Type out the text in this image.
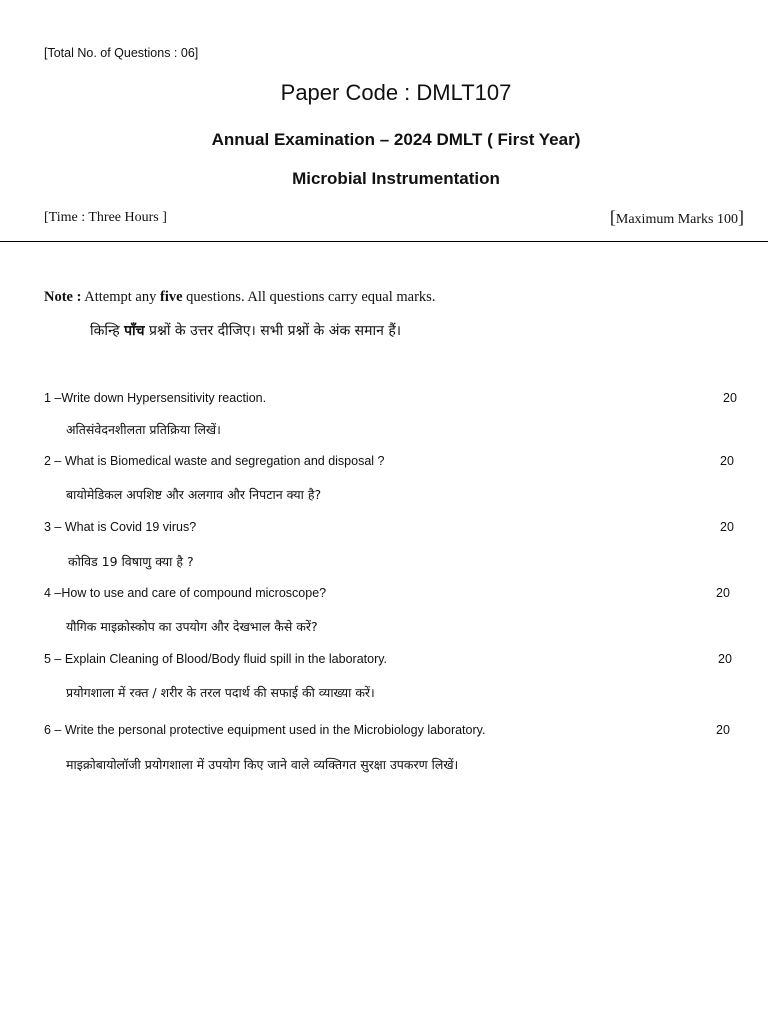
[Total No. of Questions : 06]
Paper Code : DMLT107
Annual Examination – 2024 DMLT ( First Year)
Microbial Instrumentation
[Time : Three Hours ]	[Maximum Marks 100]
Note : Attempt any five questions. All questions carry equal marks.
किन्हि पाँच प्रश्नों के उत्तर दीजिए। सभी प्रश्नों के अंक समान हैं।
1 –Write down Hypersensitivity reaction.	20
अतिसंवेदनशीलता प्रतिक्रिया लिखें।
2 – What is Biomedical waste and segregation and disposal ?	20
बायोमेडिकल अपशिष्ट और अलगाव और निपटान क्या है?
3 – What is Covid 19 virus?	20
कोविड 19 विषाणु क्या है ?
4 –How to use and care of compound microscope?	20
यौगिक माइक्रोस्कोप का उपयोग और देखभाल कैसे करें?
5 – Explain Cleaning of Blood/Body fluid spill in the laboratory.	20
प्रयोगशाला में रक्त / शरीर के तरल पदार्थ की सफाई की व्याख्या करें।
6 – Write the personal protective equipment used in the Microbiology laboratory.	20
माइक्रोबायोलॉजी प्रयोगशाला में उपयोग किए जाने वाले व्यक्तिगत सुरक्षा उपकरण लिखें।
